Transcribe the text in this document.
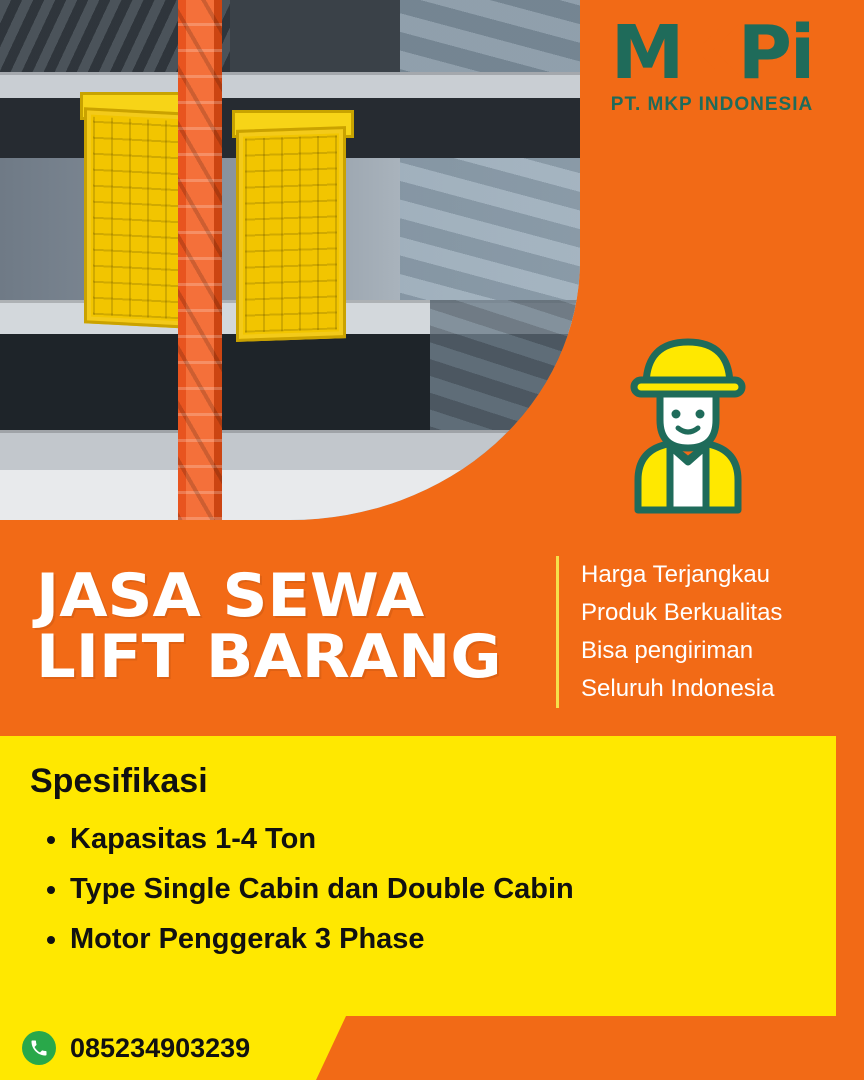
MKPi
PT. MKP INDONESIA
JASA SEWA
LIFT BARANG
Harga Terjangkau
Produk Berkualitas
Bisa pengiriman
Seluruh Indonesia
Spesifikasi
• Kapasitas 1-4 Ton
• Type Single Cabin dan Double Cabin
• Motor Penggerak 3 Phase
085234903239
